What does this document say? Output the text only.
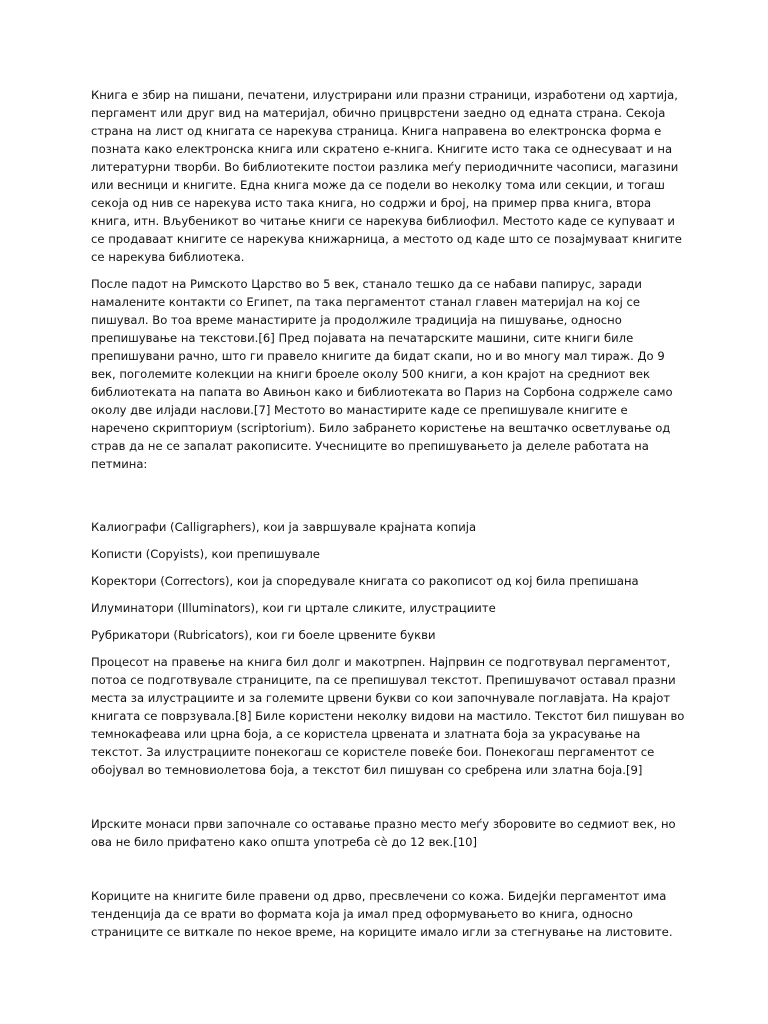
Книга е збир на пишани, печатени, илустрирани или празни страници, изработени од хартија, пергамент или друг вид на материјал, обично прицврстени заедно од едната страна. Секоја страна на лист од книгата се нарекува страница. Книга направена во електронска форма е позната како електронска книга или скратено е-книга. Книгите исто така се однесуваат и на литературни творби. Во библиотеките постои разлика меѓу периодичните часописи, магазини или весници и книгите. Една книга може да се подели во неколку тома или секции, и тогаш секоја од нив се нарекува исто така книга, но содржи и број, на пример прва книга, втора книга, итн. Вљубеникот во читање книги се нарекува библиофил. Местото каде се купуваат и се продаваат книгите се нарекува книжарница, а местото од каде што се позајмуваат книгите се нарекува библиотека.

После падот на Римското Царство во 5 век, станало тешко да се набави папирус, заради намалените контакти со Египет, па така пергаментот станал главен материјал на кој се пишувал. Во тоа време манастирите ја продолжиле традиција на пишување, односно препишување на текстови.[6] Пред појавата на печатарските машини, сите книги биле препишувани рачно, што ги правело книгите да бидат скапи, но и во многу мал тираж. До 9 век, поголемите колекции на книги броеле околу 500 книги, а кон крајот на средниот век библиотеката на папата во Авињон како и библиотеката во Париз на Сорбона содржеле само околу две илјади наслови.[7] Местото во манастирите каде се препишувале книгите е наречено скрипториум (scriptorium). Било забрането користење на вештачко осветлување од страв да не се запалат ракописите. Учесниците во препишувањето ја делеле работата на петмина:

Калиографи (Calligraphers), кои ја завршувале крајната копија

Кописти (Copyists), кои препишувале

Коректори (Correctors), кои ја споредувале книгата со ракописот од кој била препишана

Илуминатори (Illuminators), кои ги цртале сликите, илустрациите

Рубрикатори (Rubricators), кои ги боеле црвените букви

Процесот на правење на книга бил долг и макотрпен. Најпрвин се подготвувал пергаментот, потоа се подготвувале страниците, па се препишувал текстот. Препишувачот оставал празни места за илустрациите и за големите црвени букви со кои започнувале поглавјата. На крајот книгата се поврзувала.[8] Биле користени неколку видови на мастило. Текстот бил пишуван во темнокафеава или црна боја, а се користела црвената и златната боја за украсување на текстот. За илустрациите понекогаш се користеле повеќе бои. Понекогаш пергаментот се обојувал во темновиолетова боја, а текстот бил пишуван со сребрена или златна боја.[9]

Ирските монаси први започнале со оставање празно место меѓу зборовите во седмиот век, но ова не било прифатено како општа употреба сè до 12 век.[10]

Кориците на книгите биле правени од дрво, пресвлечени со кожа. Бидејќи пергаментот има тенденција да се врати во формата која ја имал пред оформувањето во книга, односно страниците се виткале по некое време, на кориците имало игли за стегнување на листовите.
